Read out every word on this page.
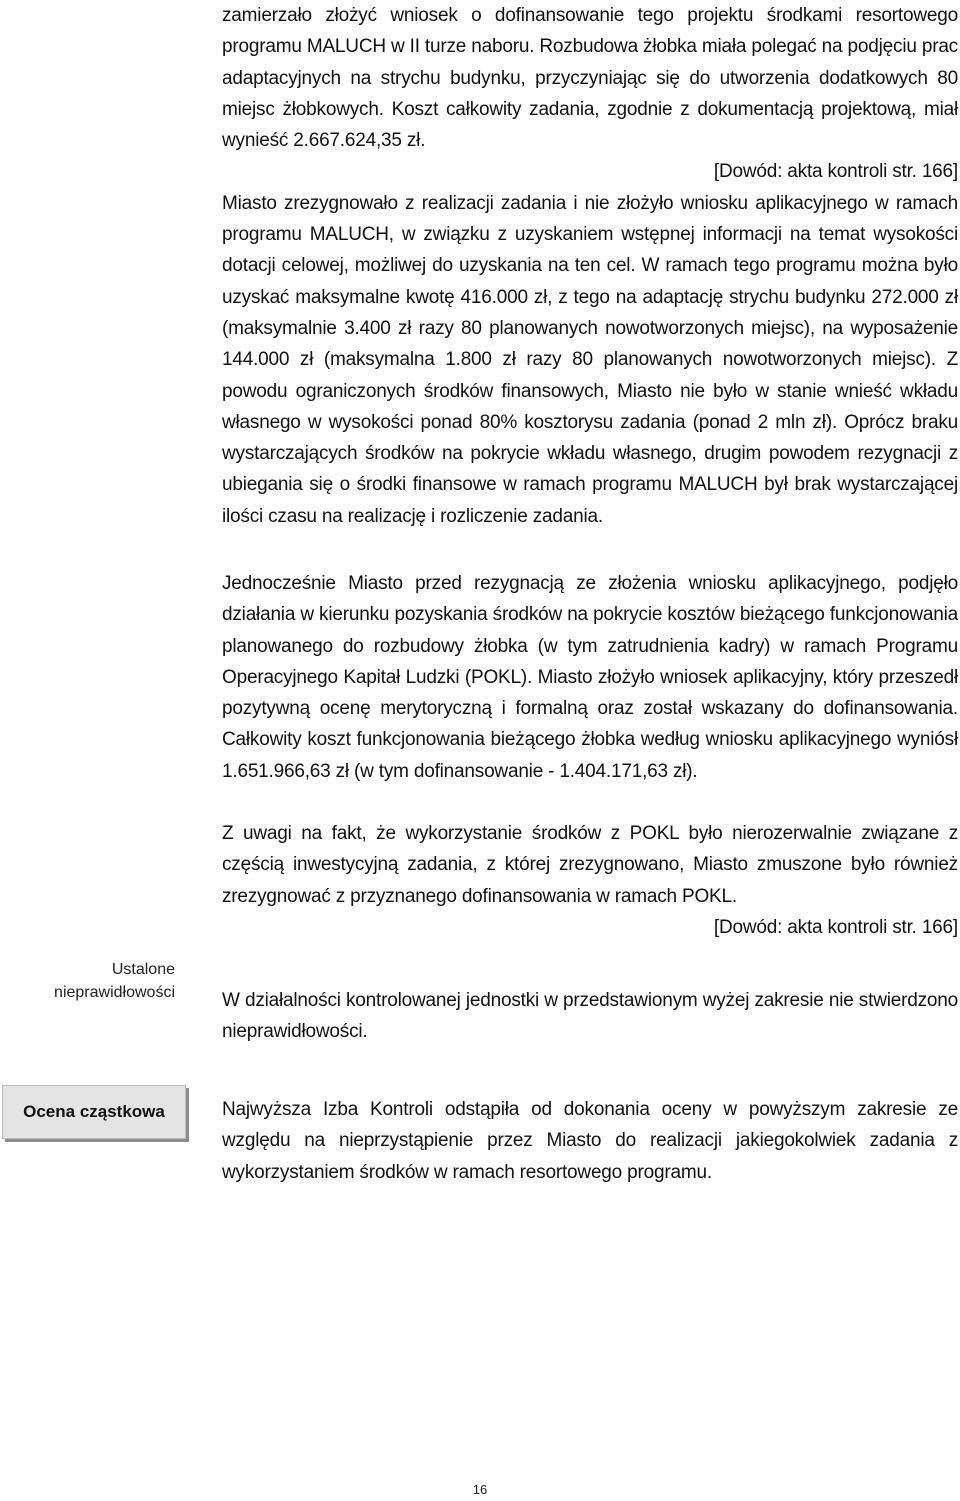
zamierzało złożyć wniosek o dofinansowanie tego projektu środkami resortowego programu MALUCH w II turze naboru. Rozbudowa żłobka miała polegać na podjęciu prac adaptacyjnych na strychu budynku, przyczyniając się do utworzenia dodatkowych 80 miejsc żłobkowych. Koszt całkowity zadania, zgodnie z dokumentacją projektową, miał wynieść 2.667.624,35 zł.

[Dowód: akta kontroli str. 166]

Miasto zrezygnowało z realizacji zadania i nie złożyło wniosku aplikacyjnego w ramach programu MALUCH, w związku z uzyskaniem wstępnej informacji na temat wysokości dotacji celowej, możliwej do uzyskania na ten cel. W ramach tego programu można było uzyskać maksymalne kwotę 416.000 zł, z tego na adaptację strychu budynku 272.000 zł (maksymalnie 3.400 zł razy 80 planowanych nowotworzonych miejsc), na wyposażenie 144.000 zł (maksymalna 1.800 zł razy 80 planowanych nowotworzonych miejsc). Z powodu ograniczonych środków finansowych, Miasto nie było w stanie wnieść wkładu własnego w wysokości ponad 80% kosztorysu zadania (ponad 2 mln zł). Oprócz braku wystarczających środków na pokrycie wkładu własnego, drugim powodem rezygnacji z ubiegania się o środki finansowe w ramach programu MALUCH był brak wystarczającej ilości czasu na realizację i rozliczenie zadania.

Jednocześnie Miasto przed rezygnacją ze złożenia wniosku aplikacyjnego, podjęło działania w kierunku pozyskania środków na pokrycie kosztów bieżącego funkcjonowania planowanego do rozbudowy żłobka (w tym zatrudnienia kadry) w ramach Programu Operacyjnego Kapitał Ludzki (POKL). Miasto złożyło wniosek aplikacyjny, który przeszedł pozytywną ocenę merytoryczną i formalną oraz został wskazany do dofinansowania. Całkowity koszt funkcjonowania bieżącego żłobka według wniosku aplikacyjnego wyniósł 1.651.966,63 zł (w tym dofinansowanie - 1.404.171,63 zł).

Z uwagi na fakt, że wykorzystanie środków z POKL było nierozerwalnie związane z częścią inwestycyjną zadania, z której zrezygnowano, Miasto zmuszone było również zrezygnować z przyznanego dofinansowania w ramach POKL.

[Dowód: akta kontroli str. 166]

Ustalone nieprawidłowości W działalności kontrolowanej jednostki w przedstawionym wyżej zakresie nie stwierdzono nieprawidłowości.

Ocena cząstkowa	Najwyższa Izba Kontroli odstąpiła od dokonania oceny w powyższym zakresie ze względu na nieprzystąpienie przez Miasto do realizacji jakiegokolwiek zadania z wykorzystaniem środków w ramach resortowego programu.

16
